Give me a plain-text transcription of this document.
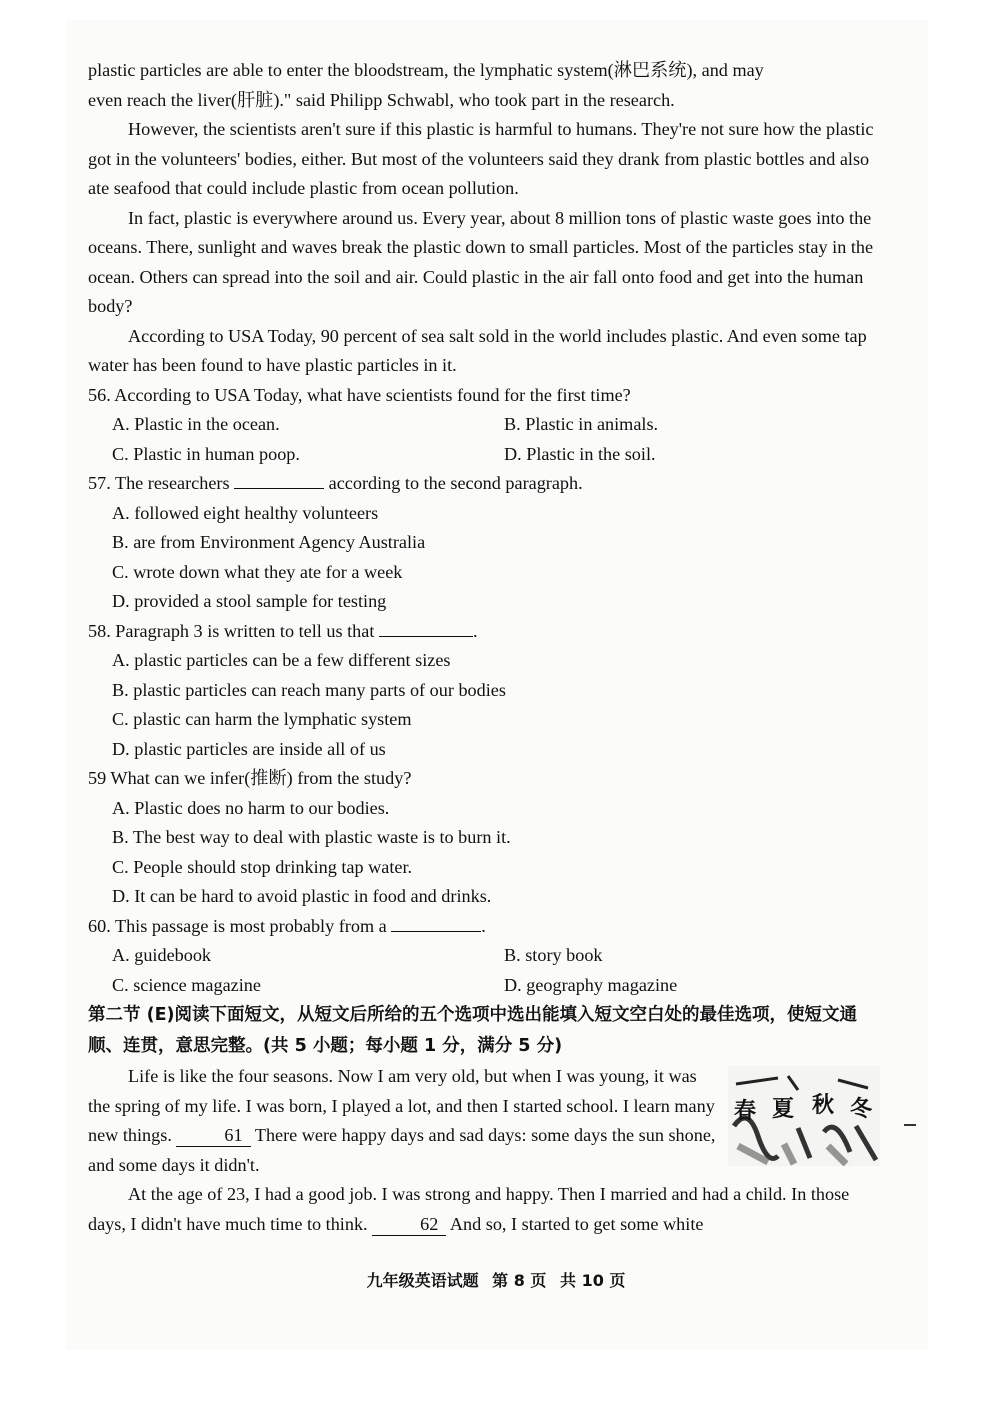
plastic particles are able to enter the bloodstream, the lymphatic system(淋巴系统), and may

even reach the liver(肝脏)." said Philipp Schwabl, who took part in the research.

However, the scientists aren't sure if this plastic is harmful to humans. They're not sure how the plastic got in the volunteers' bodies, either. But most of the volunteers said they drank from plastic bottles and also ate seafood that could include plastic from ocean pollution.

In fact, plastic is everywhere around us. Every year, about 8 million tons of plastic waste goes into the oceans. There, sunlight and waves break the plastic down to small particles. Most of the particles stay in the ocean. Others can spread into the soil and air. Could plastic in the air fall onto food and get into the human body?

According to USA Today, 90 percent of sea salt sold in the world includes plastic. And even some tap water has been found to have plastic particles in it.

56. According to USA Today, what have scientists found for the first time?

A. Plastic in the ocean.	B. Plastic in animals.
C. Plastic in human poop.	D. Plastic in the soil.

57. The researchers	according to the second paragraph.

A. followed eight healthy volunteers

B. are from Environment Agency Australia

C. wrote down what they ate for a week

D. provided a stool sample for testing

58. Paragraph 3 is written to tell us that	.

A. plastic particles can be a few different sizes

B. plastic particles can reach many parts of our bodies

C. plastic can harm the lymphatic system

D. plastic particles are inside all of us

59 What can we infer(推断) from the study?

A. Plastic does no harm to our bodies.

B. The best way to deal with plastic waste is to burn it.

C. People should stop drinking tap water.

D. It can be hard to avoid plastic in food and drinks.

60. This passage is most probably from a	.

A. guidebook	B. story book
C. science magazine	D. geography magazine

第二节 (E)阅读下面短文，从短文后所给的五个选项中选出能填入短文空白处的最佳选项，使短文通顺、连贯，意思完整。(共 5 小题；每小题 1 分，满分 5 分)

Life is like the four seasons. Now I am very old, but when I was young, it was the spring of my life. I was born, I played a lot, and then I started school. I learn many new things.	61 There were happy days and sad days: some days the sun shone, and some days it didn't.

春 夏 秋 冬

At the age of 23, I had a good job. I was strong and happy. Then I married and had a child. In those days, I didn't have much time to think.	62 And so, I started to get some white

九年级英语试题 第 8 页 共 10 页
